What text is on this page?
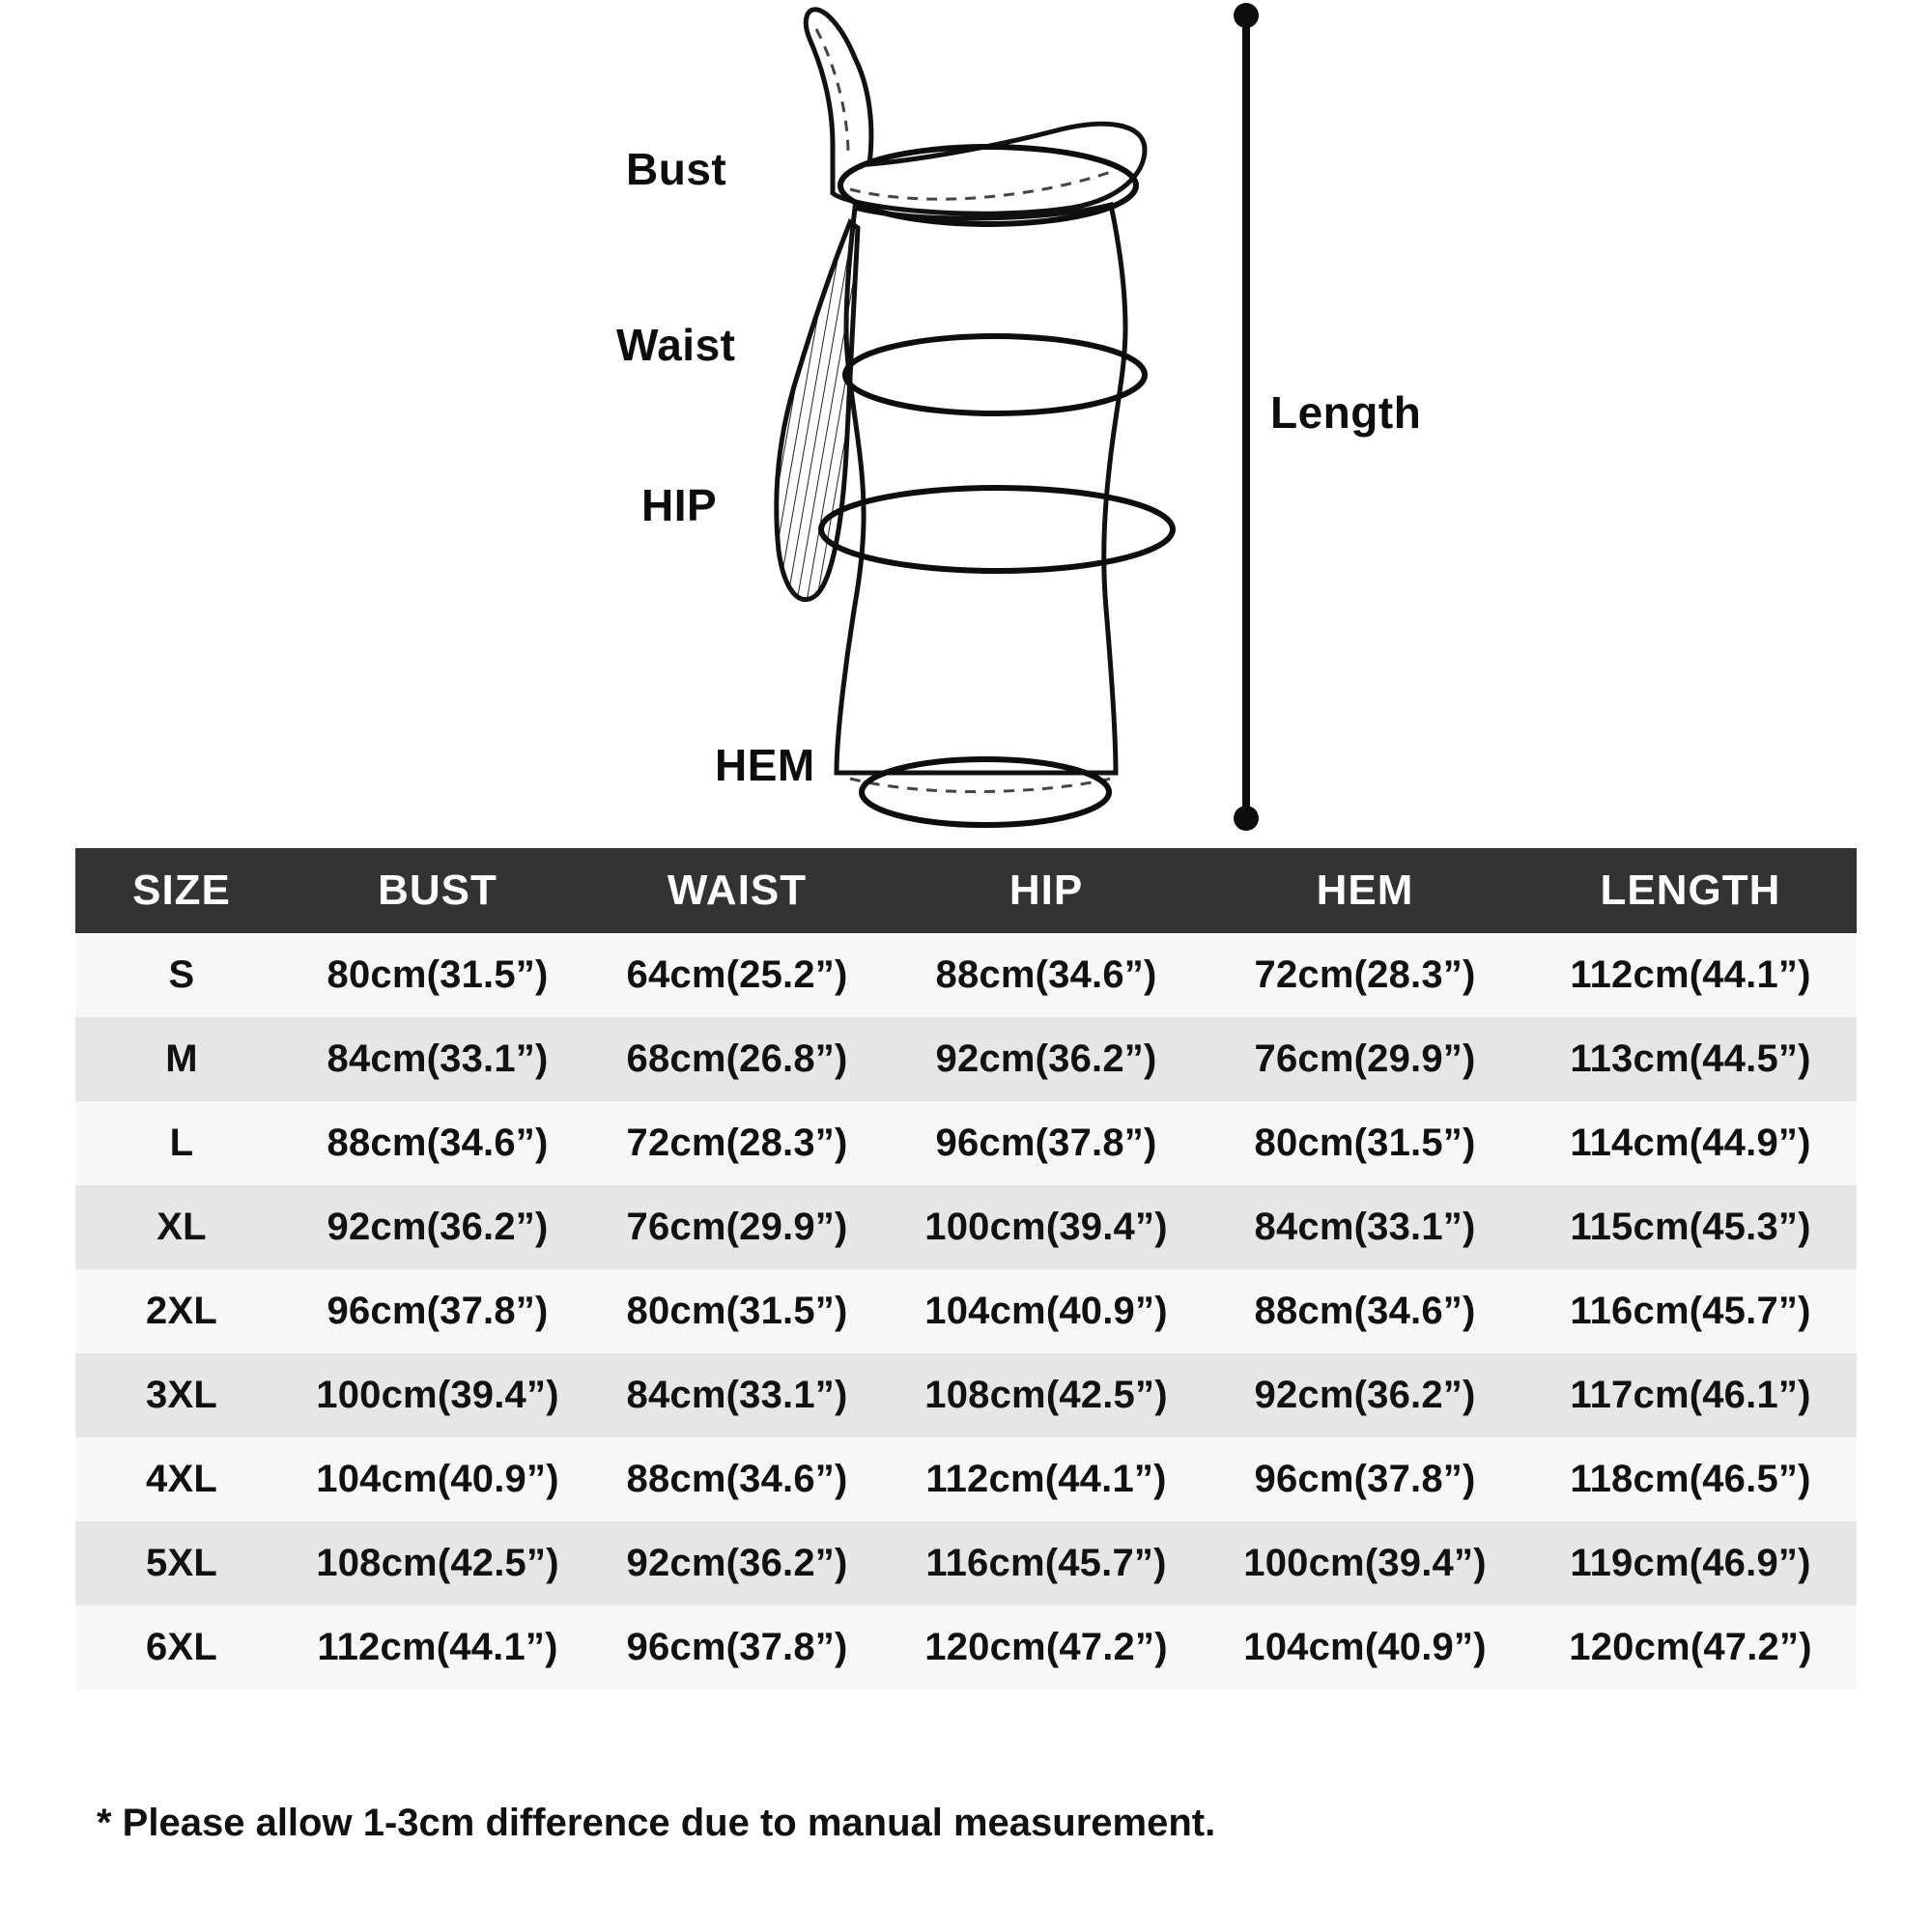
Bust
Waist
HIP
HEM
Length
SIZE	BUST	WAIST	HIP	HEM	LENGTH
S	80cm(31.5”)	64cm(25.2”)	88cm(34.6”)	72cm(28.3”)	112cm(44.1”)
M	84cm(33.1”)	68cm(26.8”)	92cm(36.2”)	76cm(29.9”)	113cm(44.5”)
L	88cm(34.6”)	72cm(28.3”)	96cm(37.8”)	80cm(31.5”)	114cm(44.9”)
XL	92cm(36.2”)	76cm(29.9”)	100cm(39.4”)	84cm(33.1”)	115cm(45.3”)
2XL	96cm(37.8”)	80cm(31.5”)	104cm(40.9”)	88cm(34.6”)	116cm(45.7”)
3XL	100cm(39.4”)	84cm(33.1”)	108cm(42.5”)	92cm(36.2”)	117cm(46.1”)
4XL	104cm(40.9”)	88cm(34.6”)	112cm(44.1”)	96cm(37.8”)	118cm(46.5”)
5XL	108cm(42.5”)	92cm(36.2”)	116cm(45.7”)	100cm(39.4”)	119cm(46.9”)
6XL	112cm(44.1”)	96cm(37.8”)	120cm(47.2”)	104cm(40.9”)	120cm(47.2”)
* Please allow 1-3cm difference due to manual measurement.
